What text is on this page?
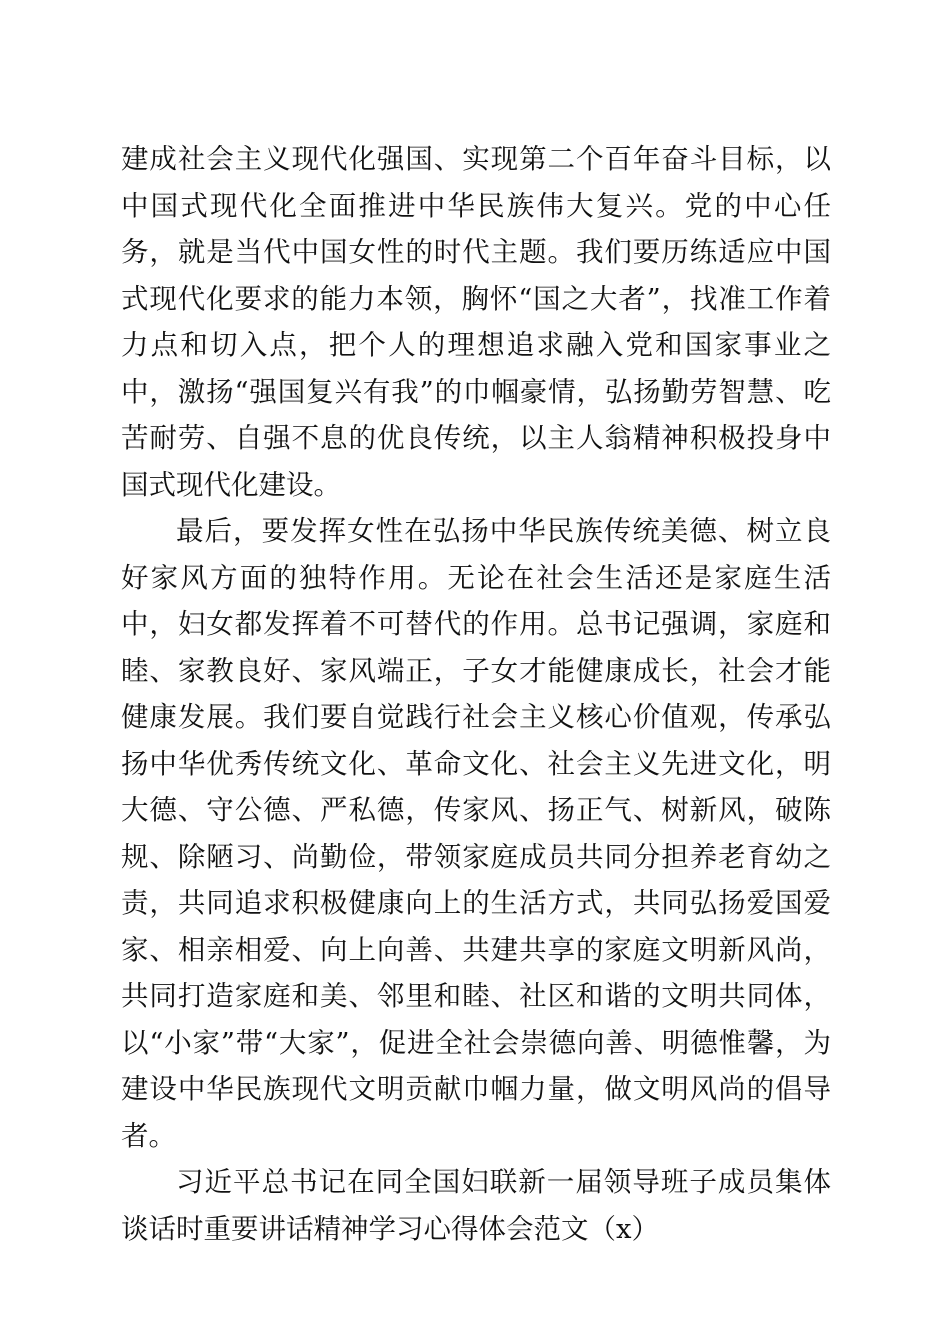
建成社会主义现代化强国、实现第二个百年奋斗目标，以中国式现代化全面推进中华民族伟大复兴。党的中心任务，就是当代中国女性的时代主题。我们要历练适应中国式现代化要求的能力本领，胸怀“国之大者”，找准工作着力点和切入点，把个人的理想追求融入党和国家事业之中，激扬“强国复兴有我”的巾帼豪情，弘扬勤劳智慧、吃苦耐劳、自强不息的优良传统，以主人翁精神积极投身中国式现代化建设。

最后，要发挥女性在弘扬中华民族传统美德、树立良好家风方面的独特作用。无论在社会生活还是家庭生活中，妇女都发挥着不可替代的作用。总书记强调，家庭和睦、家教良好、家风端正，子女才能健康成长，社会才能健康发展。我们要自觉践行社会主义核心价值观，传承弘扬中华优秀传统文化、革命文化、社会主义先进文化，明大德、守公德、严私德，传家风、扬正气、树新风，破陈规、除陋习、尚勤俭，带领家庭成员共同分担养老育幼之责，共同追求积极健康向上的生活方式，共同弘扬爱国爱家、相亲相爱、向上向善、共建共享的家庭文明新风尚，共同打造家庭和美、邻里和睦、社区和谐的文明共同体，以“小家”带“大家”，促进全社会崇德向善、明德惟馨，为建设中华民族现代文明贡献巾帼力量，做文明风尚的倡导者。

习近平总书记在同全国妇联新一届领导班子成员集体谈话时重要讲话精神学习心得体会范文（x）
